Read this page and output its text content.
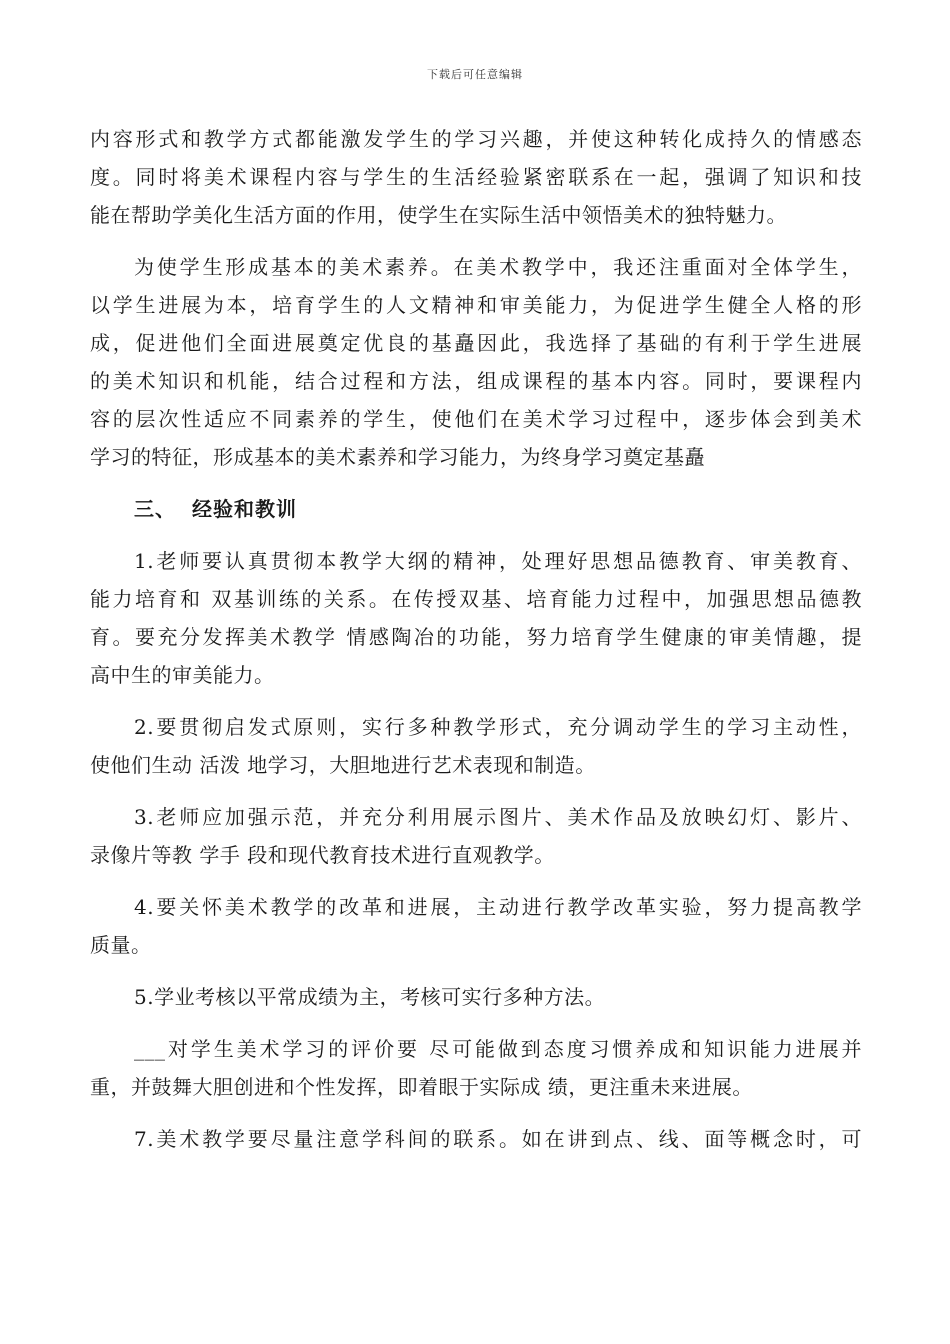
下载后可任意编辑
内容形式和教学方式都能激发学生的学习兴趣，并使这种转化成持久的情感态
度。同时将美术课程内容与学生的生活经验紧密联系在一起，强调了知识和技
能在帮助学美化生活方面的作用，使学生在实际生活中领悟美术的独特魅力。
为使学生形成基本的美术素养。在美术教学中，我还注重面对全体学生，
以学生进展为本，培育学生的人文精神和审美能力，为促进学生健全人格的形
成，促进他们全面进展奠定优良的基矗因此，我选择了基础的有利于学生进展
的美术知识和机能，结合过程和方法，组成课程的基本内容。同时，要课程内
容的层次性适应不同素养的学生，使他们在美术学习过程中，逐步体会到美术
学习的特征，形成基本的美术素养和学习能力，为终身学习奠定基矗
三、 经验和教训
1.老师要认真贯彻本教学大纲的精神，处理好思想品德教育、审美教育、
能力培育和 双基训练的关系。在传授双基、培育能力过程中，加强思想品德教
育。要充分发挥美术教学 情感陶冶的功能，努力培育学生健康的审美情趣，提
高中生的审美能力。
2.要贯彻启发式原则，实行多种教学形式，充分调动学生的学习主动性，
使他们生动 活泼 地学习，大胆地进行艺术表现和制造。
3.老师应加强示范，并充分利用展示图片、美术作品及放映幻灯、影片、
录像片等教 学手 段和现代教育技术进行直观教学。
4.要关怀美术教学的改革和进展，主动进行教学改革实验，努力提高教学
质量。
5.学业考核以平常成绩为主，考核可实行多种方法。
___对学生美术学习的评价要 尽可能做到态度习惯养成和知识能力进展并
重，并鼓舞大胆创进和个性发挥，即着眼于实际成 绩，更注重未来进展。
7.美术教学要尽量注意学科间的联系。如在讲到点、线、面等概念时，可
